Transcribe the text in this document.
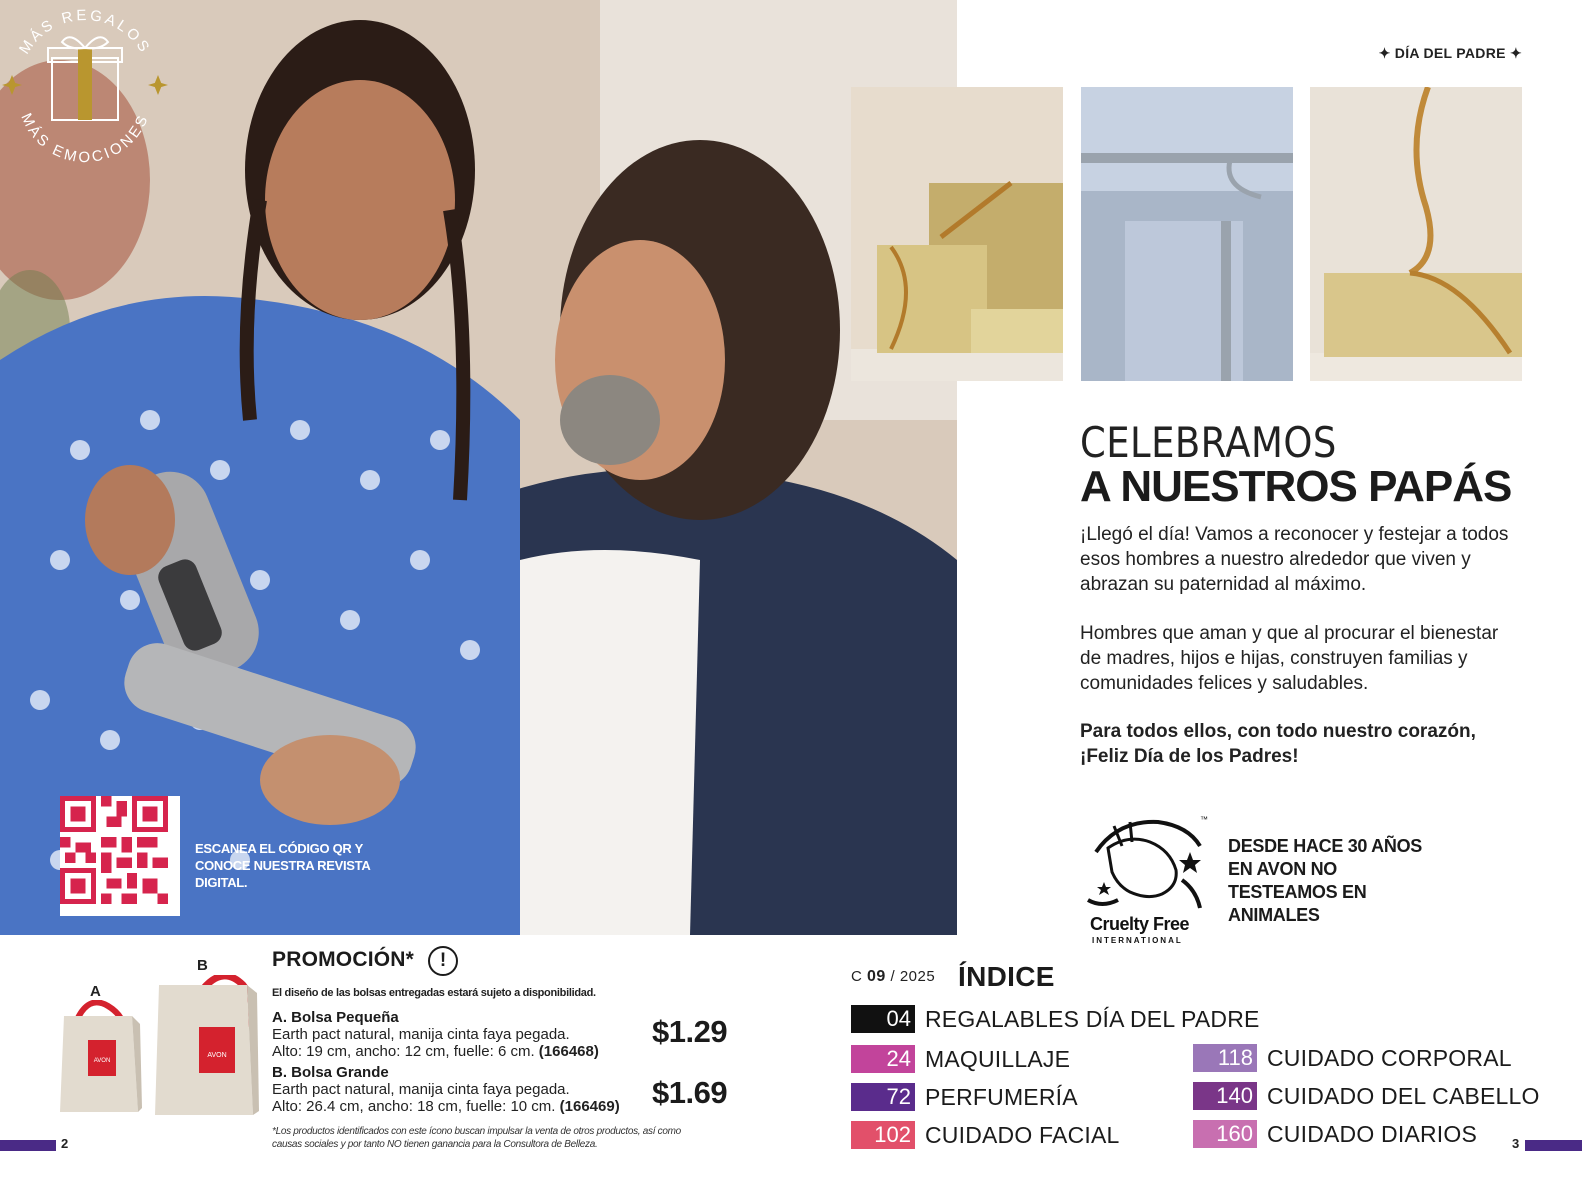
MÁS REGALOS
MÁS EMOCIONES
ESCANEA EL CÓDIGO QR Y CONOCE NUESTRA REVISTA DIGITAL.
✦ DÍA DEL PADRE ✦
CELEBRAMOS
A NUESTROS PAPÁS
¡Llegó el día! Vamos a reconocer y festejar a todos esos hombres a nuestro alrededor que viven y abrazan su paternidad al máximo.
Hombres que aman y que al procurar el bienestar de madres, hijos e hijas, construyen familias y comunidades felices y saludables.
Para todos ellos, con todo nuestro corazón, ¡Feliz Día de los Padres!
™
Cruelty Free
INTERNATIONAL
DESDE HACE 30 AÑOS EN AVON NO TESTEAMOS EN ANIMALES
A
B
AVON
AVON
PROMOCIÓN*	!
El diseño de las bolsas entregadas estará sujeto a disponibilidad.
A. Bolsa Pequeña
Earth pact natural, manija cinta faya pegada.
Alto: 19 cm, ancho: 12 cm, fuelle: 6 cm. (166468)
$1.29
B. Bolsa Grande
Earth pact natural, manija cinta faya pegada.
Alto: 26.4 cm, ancho: 18 cm, fuelle: 10 cm. (166469)	$1.69
*Los productos identificados con este ícono buscan impulsar la venta de otros productos, así como causas sociales y por tanto NO tienen ganancia para la Consultora de Belleza.
2	3
C 09 / 2025 ÍNDICE
04 REGALABLES DÍA DEL PADRE
24 MAQUILLAJE
72 PERFUMERÍA
102 CUIDADO FACIAL
118 CUIDADO CORPORAL
140 CUIDADO DEL CABELLO
160 CUIDADO DIARIOS
